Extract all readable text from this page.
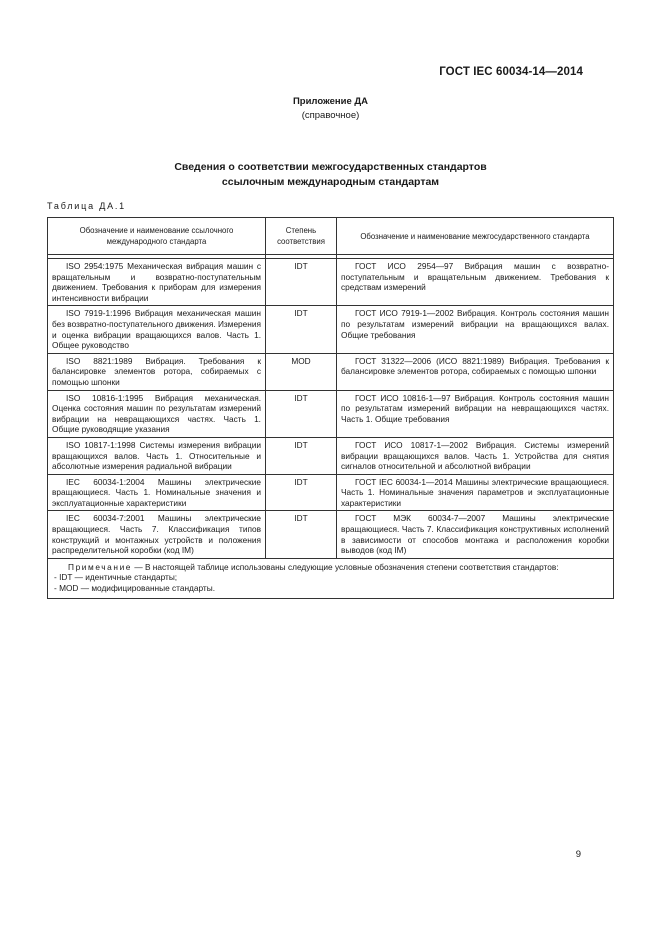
ГОСТ IEC 60034-14—2014
Приложение ДА
(справочное)
Сведения о соответствии межгосударственных стандартов
ссылочным международным стандартам
Таблица ДА.1
Обозначение и наименование ссылочного международного стандарта	Степень соответствия	Обозначение и наименование межгосударственного стандарта

ISO 2954:1975 Механическая вибрация машин с вращательным и возвратно-поступательным движением. Требования к приборам для измерения интенсивности вибрации	IDT	ГОСТ ИСО 2954—97 Вибрация машин с возвратно-поступательным и вращательным движением. Требования к средствам измерений
ISO 7919-1:1996 Вибрация механическая машин без возвратно-поступательного движения. Измерения и оценка вибрации вращающихся валов. Часть 1. Общее руководство	IDT	ГОСТ ИСО 7919-1—2002 Вибрация. Контроль состояния машин по результатам измерений вибрации на вращающихся валах. Общие требования
ISO 8821:1989 Вибрация. Требования к балансировке элементов ротора, собираемых с помощью шпонки	MOD	ГОСТ 31322—2006 (ИСО 8821:1989) Вибрация. Требования к балансировке элементов ротора, собираемых с помощью шпонки
ISO 10816-1:1995 Вибрация механическая. Оценка состояния машин по результатам измерений вибрации на невращающихся частях. Часть 1. Общие руководящие указания	IDT	ГОСТ ИСО 10816-1—97 Вибрация. Контроль состояния машин по результатам измерений вибрации на невращающихся частях. Часть 1. Общие требования
ISO 10817-1:1998 Системы измерения вибрации вращающихся валов. Часть 1. Относительные и абсолютные измерения радиальной вибрации	IDT	ГОСТ ИСО 10817-1—2002 Вибрация. Системы измерений вибрации вращающихся валов. Часть 1. Устройства для снятия сигналов относительной и абсолютной вибрации
IEC 60034-1:2004 Машины электрические вращающиеся. Часть 1. Номинальные значения и эксплуатационные характеристики	IDT	ГОСТ IEC 60034-1—2014 Машины электрические вращающиеся. Часть 1. Номинальные значения параметров и эксплуатационные характеристики
IEC 60034-7:2001 Машины электрические вращающиеся. Часть 7. Классификация типов конструкций и монтажных устройств и положения распределительной коробки (код IM)	IDT	ГОСТ МЭК 60034-7—2007 Машины электрические вращающиеся. Часть 7. Классификация конструктивных исполнений в зависимости от способов монтажа и расположения коробки выводов (код IM)

Примечание — В настоящей таблице использованы следующие условные обозначения степени соответствия стандартов:

- IDT — идентичные стандарты;

- MOD — модифицированные стандарты.		

9
